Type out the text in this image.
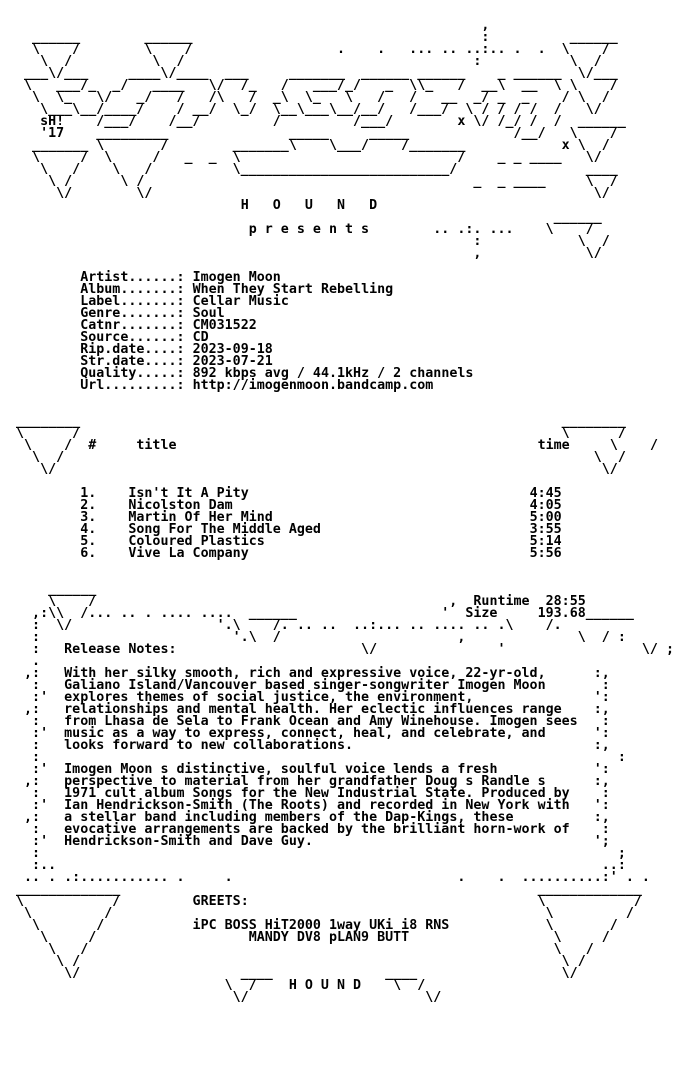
,
______        ______                                    :          ______
\    /        \    /                  .    .   ... .. ..:.. .  .  \    /
\  /          \  /                                    :           \  /
___\/___     ____\/____  ___     _______  ______ ______    _ ______  \/___
\   ___/_  _/   ____   \/  /_   /   ___/_/   _  \\_   /  __\  __  \ \    /
\  \_   \/   _/   /   /\   /  _\  \_   \   /   /   __  _/ _  _    / \  /
\___\__/____/    / __/  \_/  \__\___\__/__/   /___/  \ / / / /  /   \/
sH!    /___/    /__/         /         /___/        x \/ /_/ /  /  ______
'17    _________               _____     _____             /__/   \    /
_______ \       /        _______\    \___/    /_______            x \  /
\     /  \     /   _  _  \                           /    _ _ ____   \/
\   /    \   /          \__________________________/                ____
\ /      \ /                                         _  _ ____     \  /
\/        \/                                                       \/
H   O   U   N   D
______
p r e s e n t s        .. .:. ...    \    /
:            \  /
,             \/

Artist......: Imogen Moon
Album.......: When They Start Rebelling
Label.......: Cellar Music
Genre.......: Soul
Catnr.......: CM031522
Source......: CD
Rip.date....: 2023-09-18
Str.date....: 2023-07-21
Quality.....: 892 kbps avg / 44.1kHz / 2 channels
Url.........: http://imogenmoon.bandcamp.com

________                                                            ________
\      /                                                            \      /
\    /  #	title	time     \    /
\  /                                                                  \  /
\/                                                                    \/

1.    Isn't It A Pity                                   4:45
2.    Nicolston Dam                                     4:05
3.    Martin Of Her Mind                                5:00
4.    Song For The Middle Aged                          3:55
5.    Coloured Plastics                                 5:14
6.    Vive La Company                                   5:56

______
\    /                                            ,  Runtime 28:55
,:\\  /... .. . .... ....  ______                  '  Size	193.68______
:  \/                  '.\    /. .. ..  ..:... .. .... .. .\    /.
:                        '.\  /                      ,              \  / :
:   Release Notes:                       \/               '                 \/ ;
.
,:   With her silky smooth, rich and expressive voice, 22-yr-old,      :,
:   Galiano Island/Vancouver based singer-songwriter Imogen Moon       :
:'  explores themes of social justice, the environment,               ':
,:   relationships and mental health. Her eclectic influences range    :,
:   from Lhasa de Sela to Frank Ocean and Amy Winehouse. Imogen sees   :
:'  music as a way to express, connect, heal, and celebrate, and      ':
:   looks forward to new collaborations.                              :,
:                                                                        :
:'  Imogen Moon s distinctive, soulful voice lends a fresh            ':
,:   perspective to material from her grandfather Doug s Randle s      :,
:   1971 cult album Songs for the New Industrial State. Produced by    :
:'  Ian Hendrickson-Smith (The Roots) and recorded in New York with   ':
,:   a stellar band including members of the Dap-Kings, these          :,
:   evocative arrangements are backed by the brilliant horn-work of    :
:'  Hendrickson-Smith and Dave Guy.                                   ';
:                                                                        ;
:..                                                                    ..:
.. . .:........... .     .                            .    .  ..........:' . .
_____________                                                    _____________
\           /         GREETS:                                    \           /
\         /                                                      \         /
\       /           iPC BOSS HiT2000 1way UKi i8 RNS            \       /
\     /                   MANDY DV8 pLAN9 BUTT                  \     /
\   /                                                          \   /
\ /                                                            \ /
\/                    ____              ____                  \/
\  /    H O U N D    \  /
\/                      \/
